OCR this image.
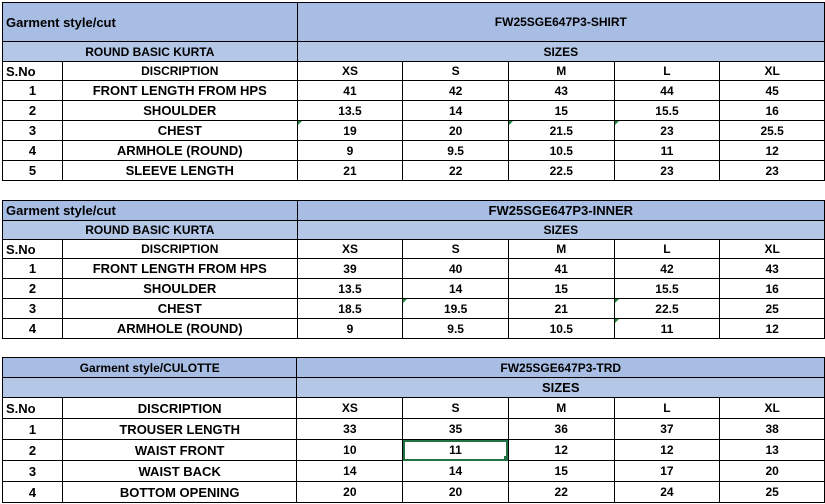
Garment style/cut		FW25SGE647P3-SHIRT				
ROUND BASIC KURTA		SIZES				
S.No	DISCRIPTION	XS	S	M	L	XL
1	FRONT LENGTH FROM HPS	41	42	43	44	45
2	SHOULDER	13.5	14	15	15.5	16
3	CHEST	19	20	21.5	23	25.5
4	ARMHOLE (ROUND)	9	9.5	10.5	11	12
5	SLEEVE LENGTH	21	22	22.5	23	23
Garment style/cut		FW25SGE647P3-INNER				
ROUND BASIC KURTA		SIZES				
S.No	DISCRIPTION	XS	S	M	L	XL
1	FRONT LENGTH FROM HPS	39	40	41	42	43
2	SHOULDER	13.5	14	15	15.5	16
3	CHEST	18.5	19.5	21	22.5	25
4	ARMHOLE (ROUND)	9	9.5	10.5	11	12
Garment style/CULOTTE		FW25SGE647P3-TRD				
		SIZES				
S.No	DISCRIPTION	XS	S	M	L	XL
1	TROUSER LENGTH	33	35	36	37	38
2	WAIST FRONT	10	11	12	12	13
3	WAIST BACK	14	14	15	17	20
4	BOTTOM OPENING	20	20	22	24	25
